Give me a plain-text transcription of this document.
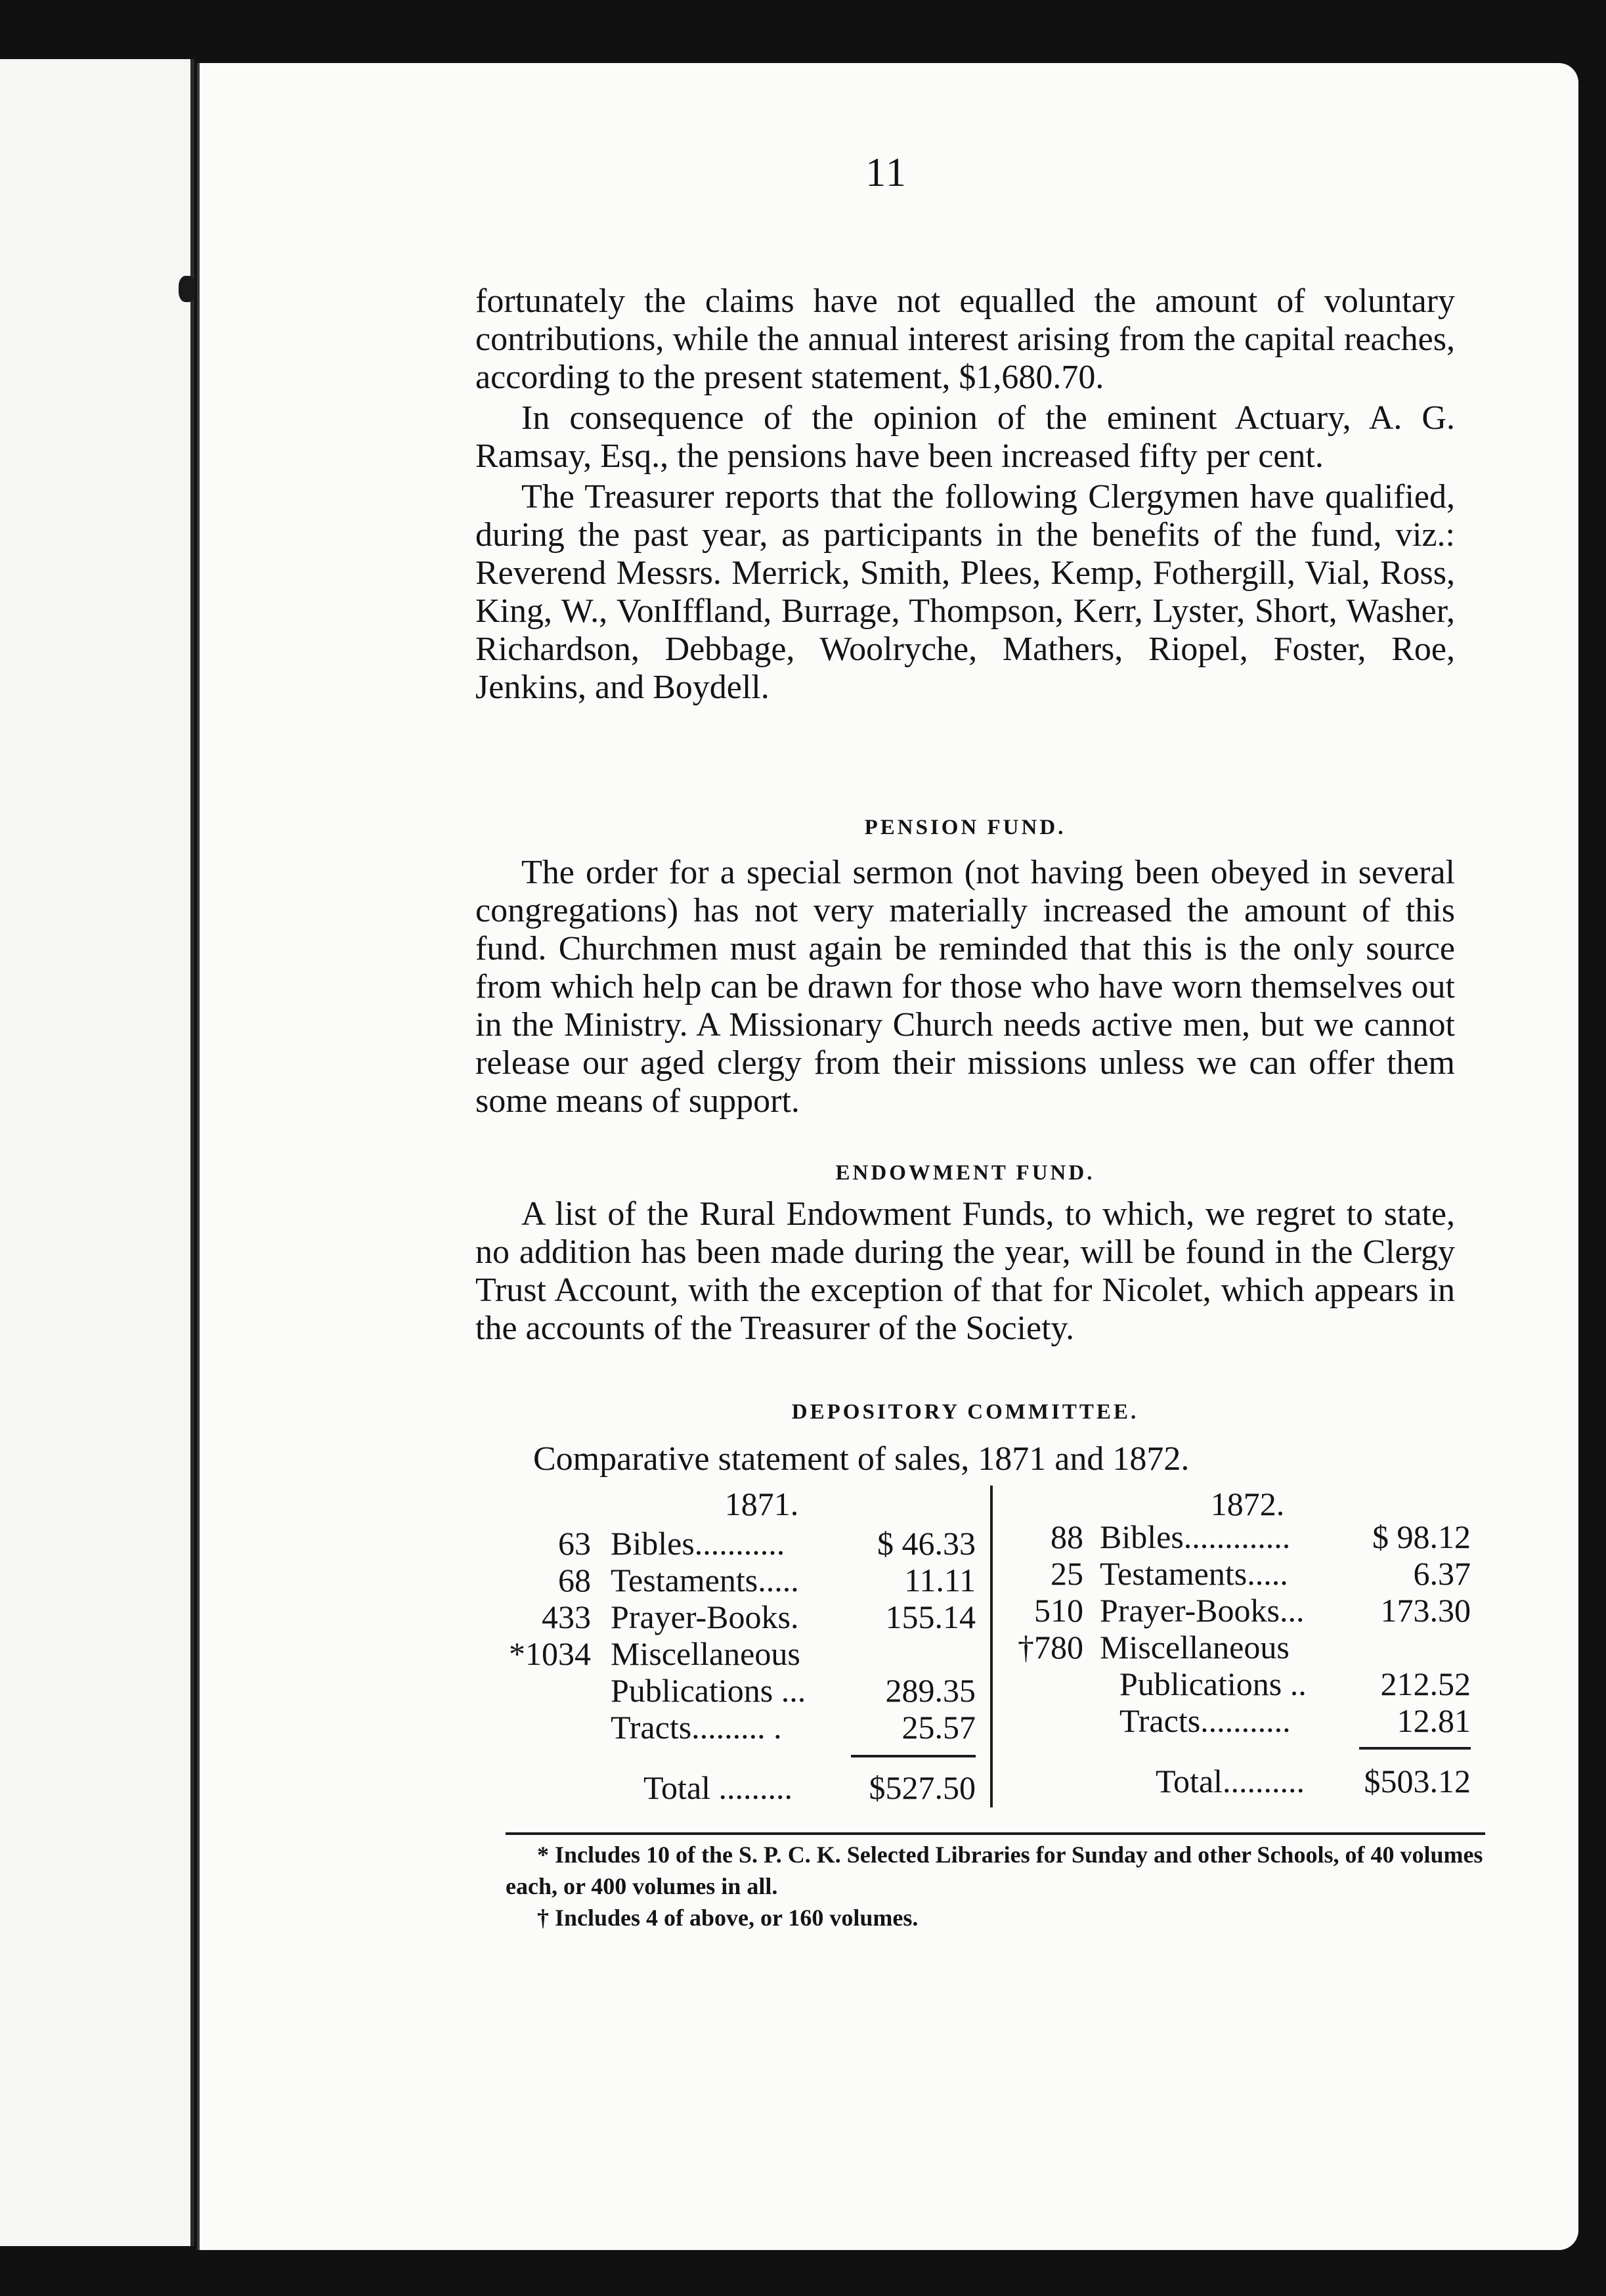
11

fortunately the claims have not equalled the amount of voluntary contributions, while the annual interest arising from the capital reaches, according to the present statement, $1,680.70.

In consequence of the opinion of the eminent Actuary, A. G. Ramsay, Esq., the pensions have been increased fifty per cent.

The Treasurer reports that the following Clergymen have qualified, during the past year, as participants in the benefits of the fund, viz.: Reverend Messrs. Merrick, Smith, Plees, Kemp, Fothergill, Vial, Ross, King, W., VonIffland, Burrage, Thompson, Kerr, Lyster, Short, Washer, Richardson, Debbage, Woolryche, Mathers, Riopel, Foster, Roe, Jenkins, and Boydell.

PENSION FUND.

The order for a special sermon (not having been obeyed in several congregations) has not very materially increased the amount of this fund. Churchmen must again be reminded that this is the only source from which help can be drawn for those who have worn themselves out in the Ministry. A Missionary Church needs active men, but we cannot release our aged clergy from their missions unless we can offer them some means of support.

ENDOWMENT FUND.

A list of the Rural Endowment Funds, to which, we regret to state, no addition has been made during the year, will be found in the Clergy Trust Account, with the exception of that for Nicolet, which appears in the accounts of the Treasurer of the Society.

DEPOSITORY COMMITTEE.
Comparative statement of sales, 1871 and 1872.
1871.
63 Bibles...........	$ 46.33
68 Testaments.....	11.11
433 Prayer-Books.	155.14
*1034 Miscellaneous
Publications ...	289.35
Tracts......... .	25.57
Total .........	$527.50
1872.
88 Bibles.............	$ 98.12
25 Testaments.....	6.37
510 Prayer-Books...	173.30
†780 Miscellaneous
Publications ..	212.52
Tracts...........	12.81
Total..........	$503.12
* Includes 10 of the S. P. C. K. Selected Libraries for Sunday and other Schools, of 40 volumes each, or 400 volumes in all.
† Includes 4 of above, or 160 volumes.
